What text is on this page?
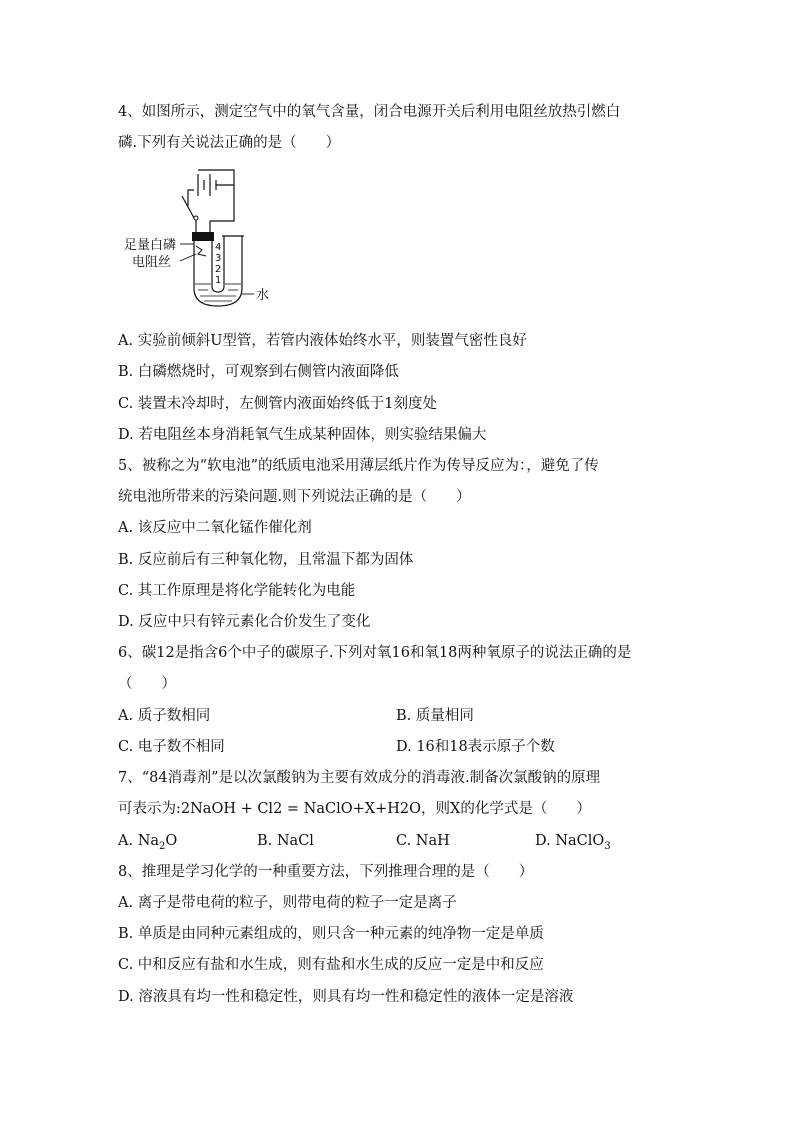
4、如图所示，测定空气中的氧气含量，闭合电源开关后利用电阻丝放热引燃白
磷.下列有关说法正确的是（　　）
4
3
2
1
足量白磷
电阻丝
水
A. 实验前倾斜U型管，若管内液体始终水平，则装置气密性良好
B. 白磷燃烧时，可观察到右侧管内液面降低
C. 装置未冷却时，左侧管内液面始终低于1刻度处
D. 若电阻丝本身消耗氧气生成某种固体，则实验结果偏大
5、被称之为“软电池”的纸质电池采用薄层纸片作为传导反应为：，避免了传
统电池所带来的污染问题.则下列说法正确的是（　　）
A. 该反应中二氧化锰作催化剂
B. 反应前后有三种氧化物，且常温下都为固体
C. 其工作原理是将化学能转化为电能
D. 反应中只有锌元素化合价发生了变化
6、碳12是指含6个中子的碳原子.下列对氧16和氧18两种氧原子的说法正确的是
（　　）
A. 质子数相同	B. 质量相同
C. 电子数不相同	D. 16和18表示原子个数
7、“84消毒剂”是以次氯酸钠为主要有效成分的消毒液.制备次氯酸钠的原理
可表示为:2NaOH + Cl2 = NaClO+X+H2O，则X的化学式是（　　）
A. $Na_2O$	B. NaCl	C. NaH	D. NaClO$_3$
8、推理是学习化学的一种重要方法，下列推理合理的是（　　）
A. 离子是带电荷的粒子，则带电荷的粒子一定是离子
B. 单质是由同种元素组成的，则只含一种元素的纯净物一定是单质
C. 中和反应有盐和水生成，则有盐和水生成的反应一定是中和反应
D. 溶液具有均一性和稳定性，则具有均一性和稳定性的液体一定是溶液
